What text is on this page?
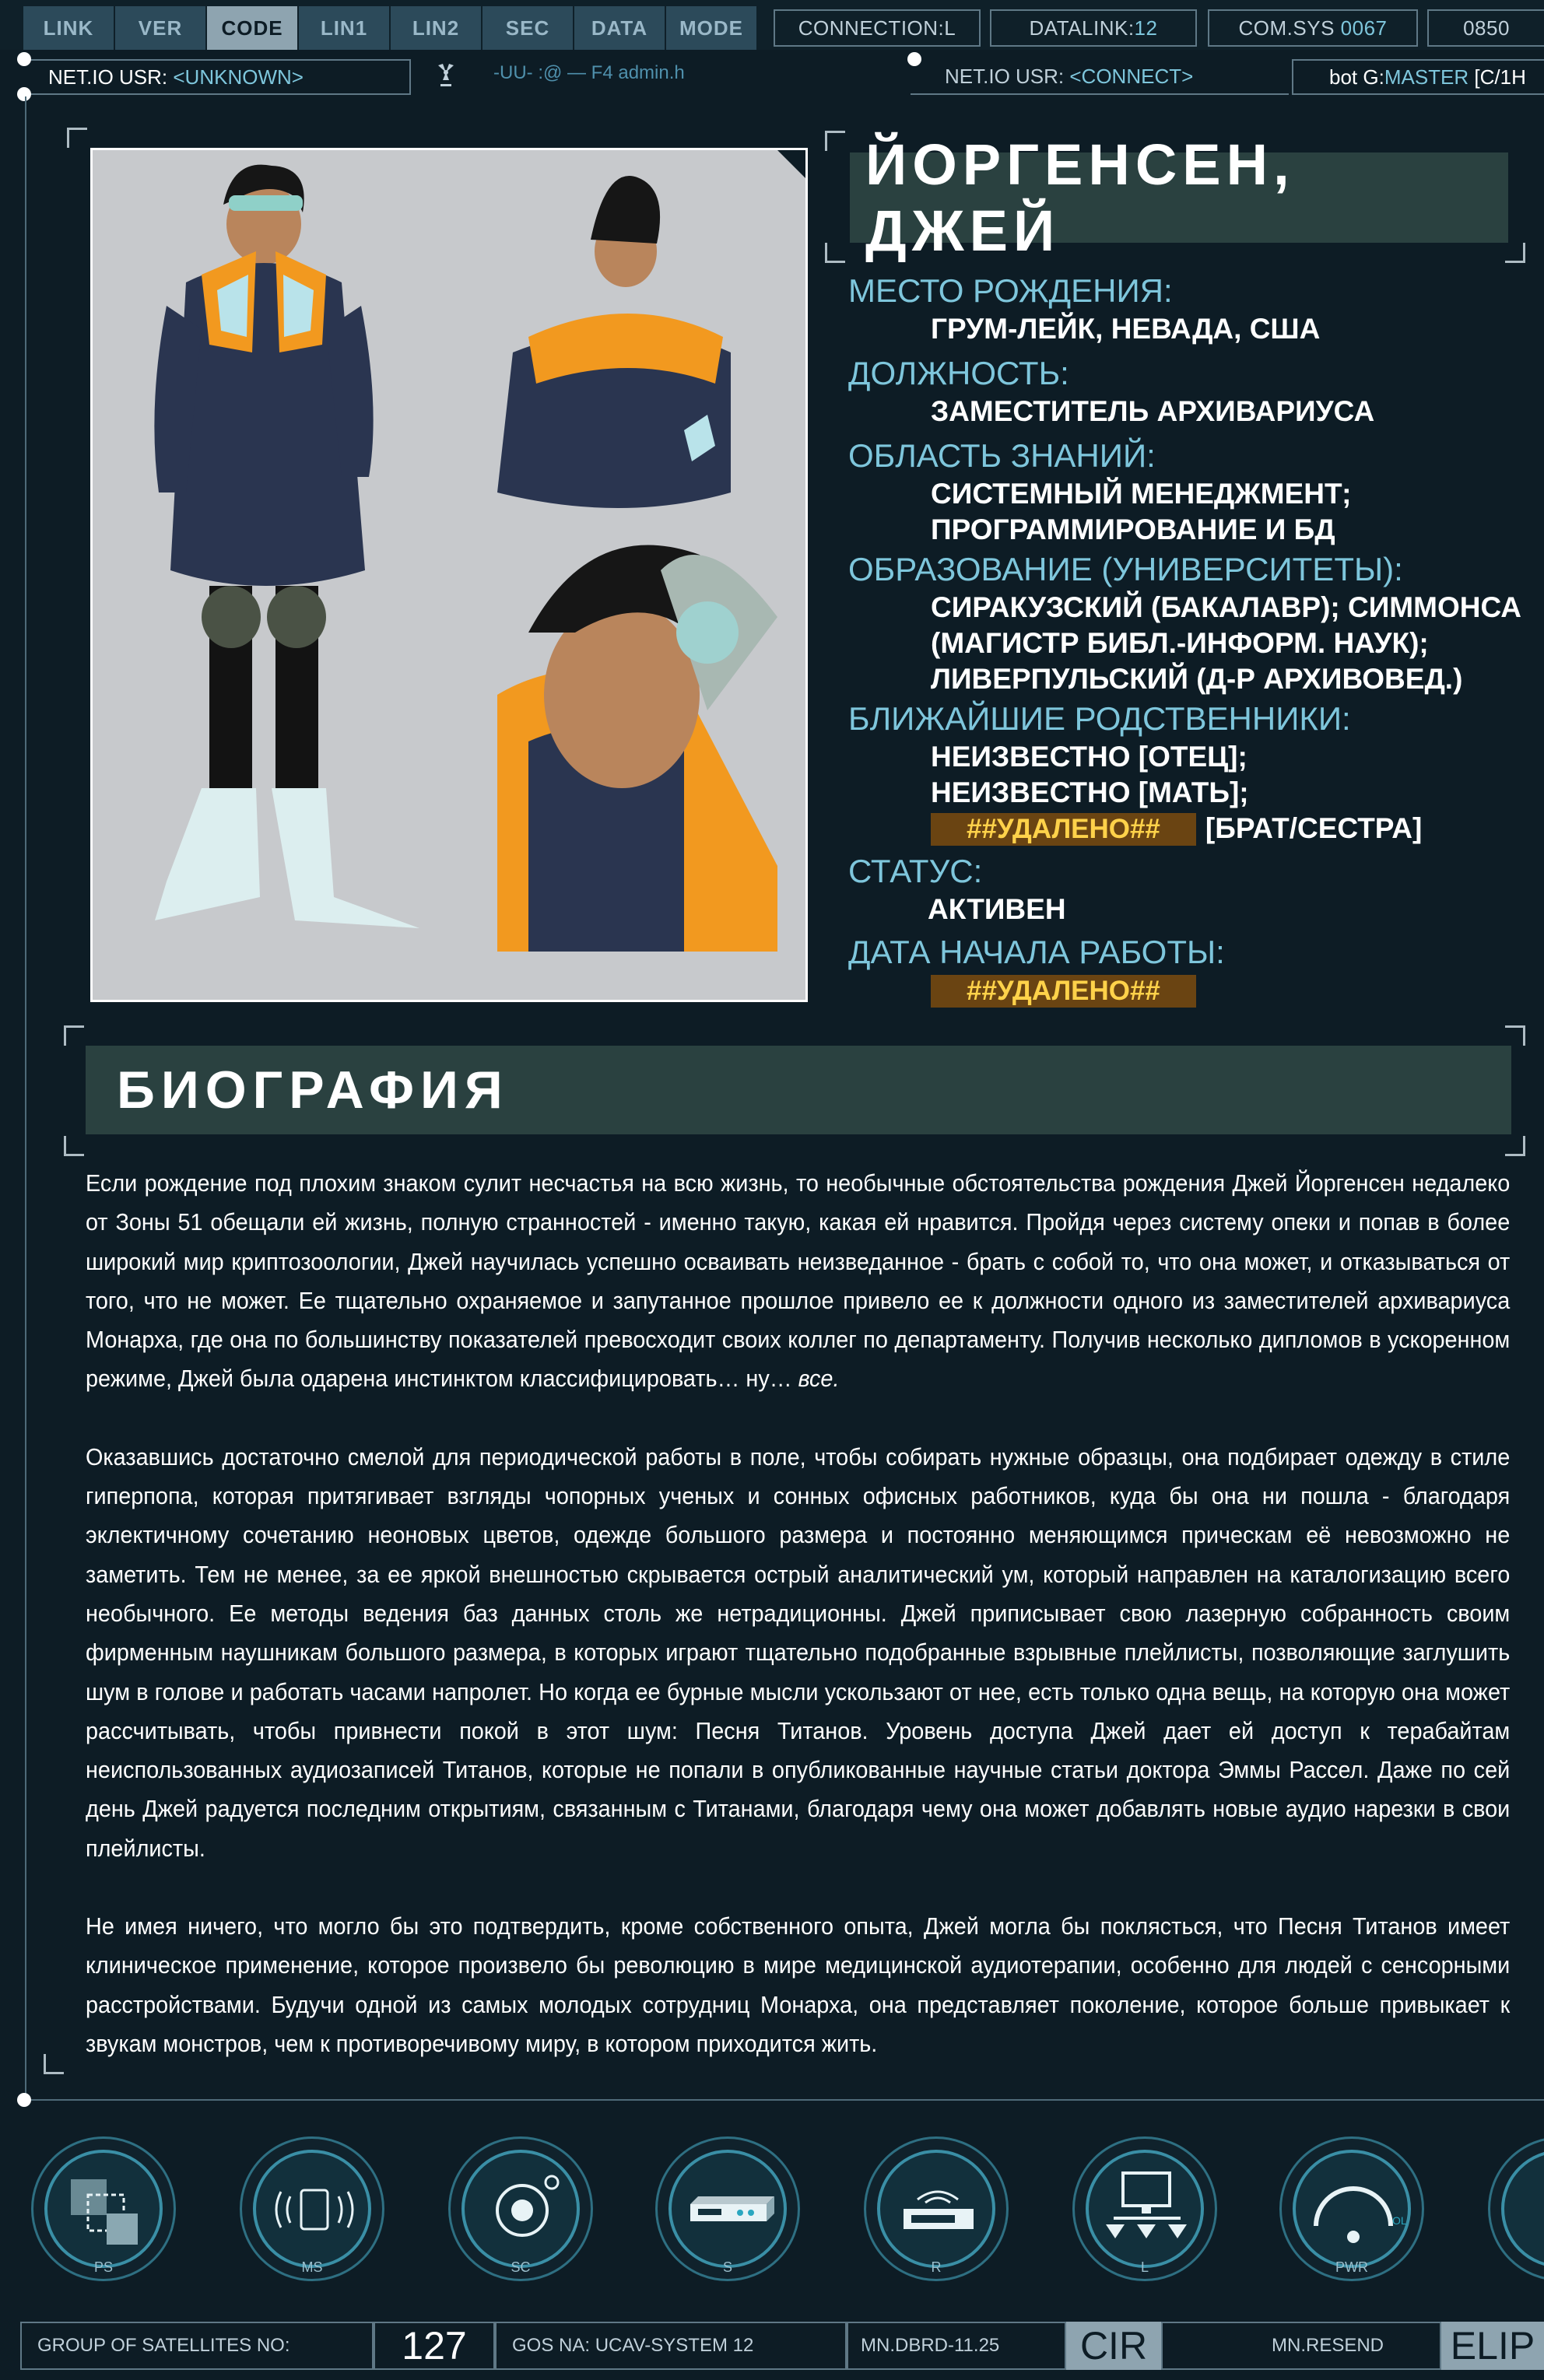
LINK	VER	CODE	LIN1	LIN2	SEC	DATA	MODE	CONNECTION: L	DATALINK: 12	COM.SYS
0067	0850
NET.IO USR:
<UNKNOWN>	NET.IO USR:
<CONNECT>	bot G: MASTER
[C/1H
-UU- :@ — F4 admin.h
ЙОРГЕНСЕН, ДЖЕЙ
МЕСТО РОЖДЕНИЯ:
ГРУМ-ЛЕЙК, НЕВАДА, США
ДОЛЖНОСТЬ:
ЗАМЕСТИТЕЛЬ АРХИВАРИУСА
ОБЛАСТЬ ЗНАНИЙ:
СИСТЕМНЫЙ МЕНЕДЖМЕНТ;
ПРОГРАММИРОВАНИЕ И БД
ОБРАЗОВАНИЕ (УНИВЕРСИТЕТЫ):
СИРАКУЗСКИЙ (БАКАЛАВР); СИММОНСА
(МАГИСТР БИБЛ.-ИНФОРМ. НАУК);
ЛИВЕРПУЛЬСКИЙ (Д-Р АРХИВОВЕД.)
БЛИЖАЙШИЕ РОДСТВЕННИКИ:
НЕИЗВЕСТНО [ОТЕЦ];
НЕИЗВЕСТНО [МАТЬ];
##УДАЛЕНО## [БРАТ/СЕСТРА]
СТАТУС:
АКТИВЕН
ДАТА НАЧАЛА РАБОТЫ:
##УДАЛЕНО##
БИОГРАФИЯ

Если рождение под плохим знаком сулит несчастья на всю жизнь, то необычные обстоятельства рождения Джей Йоргенсен недалеко от Зоны 51 обещали ей жизнь, полную странностей - именно такую, какая ей нравится. Пройдя через систему опеки и попав в более широкий мир криптозоологии, Джей научилась успешно осваивать неизведанное - брать с собой то, что она может, и отказываться от того, что не может. Ее тщательно охраняемое и запутанное прошлое привело ее к должности одного из заместителей архивариуса Монарха, где она по большинству показателей превосходит своих коллег по департаменту. Получив несколько дипломов в ускоренном режиме, Джей была одарена инстинктом классифицировать… ну… все.

Оказавшись достаточно смелой для периодической работы в поле, чтобы собирать нужные образцы, она подбирает одежду в стиле гиперпопа, которая притягивает взгляды чопорных ученых и сонных офисных работников, куда бы она ни пошла - благодаря эклектичному сочетанию неоновых цветов, одежде большого размера и постоянно меняющимся прическам её невозможно не заметить. Тем не менее, за ее яркой внешностью скрывается острый аналитический ум, который направлен на каталогизацию всего необычного. Ее методы ведения баз данных столь же нетрадиционны. Джей приписывает свою лазерную собранность своим фирменным наушникам большого размера, в которых играют тщательно подобранные взрывные плейлисты, позволяющие заглушить шум в голове и работать часами напролет. Но когда ее бурные мысли ускользают от нее, есть только одна вещь, на которую она может рассчитывать, чтобы привнести покой в этот шум: Песня Титанов. Уровень доступа Джей дает ей доступ к терабайтам неиспользованных аудиозаписей Титанов, которые не попали в опубликованные научные статьи доктора Эммы Рассел. Даже по сей день Джей радуется последним открытиям, связанным с Титанами, благодаря чему она может добавлять новые аудио нарезки в свои плейлисты.

Не имея ничего, что могло бы это подтвердить, кроме собственного опыта, Джей могла бы поклясться, что Песня Титанов имеет клиническое применение, которое произвело бы революцию в мире медицинской аудиотерапии, особенно для людей с сенсорными расстройствами. Будучи одной из самых молодых сотрудниц Монарха, она представляет поколение, которое больше привыкает к звукам монстров, чем к противоречивому миру, в котором приходится жить.

PS	MS	SC	S	R	L
OL
PWR
GROUP OF SATELLITES NO:	127	GOS NA: UCAV-SYSTEM 12	MN.DBRD-11.25	CIR	MN.RESEND	ELIP
